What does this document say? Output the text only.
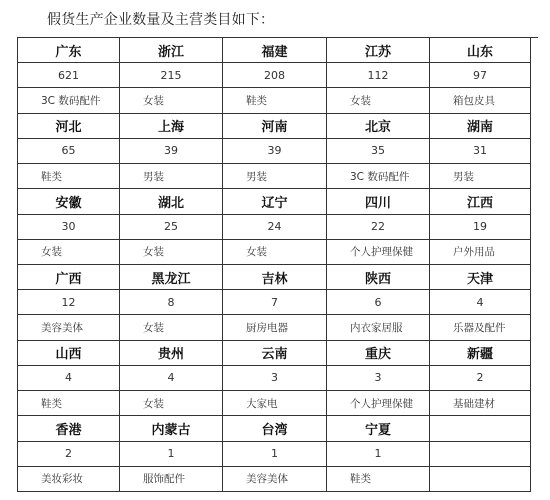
假货生产企业数量及主营类目如下：
广东	浙江	福建	江苏	山东
621	215	208	112	97
3C 数码配件	女装	鞋类	女装	箱包皮具
河北	上海	河南	北京	湖南
65	39	39	35	31
鞋类	男装	男装	3C 数码配件	男装
安徽	湖北	辽宁	四川	江西
30	25	24	22	19
女装	女装	女装	个人护理保健	户外用品
广西	黑龙江	吉林	陕西	天津
12	8	7	6	4
美容美体	女装	厨房电器	内衣家居服	乐器及配件
山西	贵州	云南	重庆	新疆
4	4	3	3	2
鞋类	女装	大家电	个人护理保健	基础建材
香港	内蒙古	台湾	宁夏
2	1	1	1
美妆彩妆	服饰配件	美容美体	鞋类
